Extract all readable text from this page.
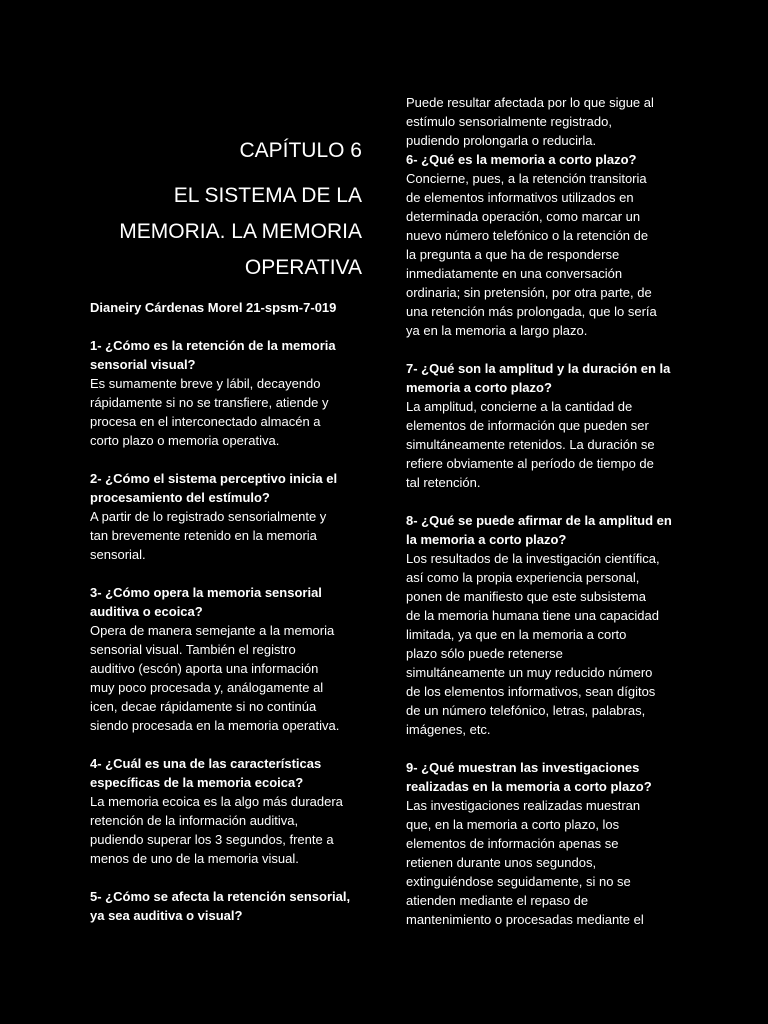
CAPÍTULO 6
EL SISTEMA DE LA
MEMORIA. LA MEMORIA
OPERATIVA
Dianeiry Cárdenas Morel 21-spsm-7-019
1- ¿Cómo es la retención de la memoria
sensorial visual?
Es sumamente breve y lábil, decayendo
rápidamente si no se transfiere, atiende y
procesa en el interconectado almacén a
corto plazo o memoria operativa.
2- ¿Cómo el sistema perceptivo inicia el
procesamiento del estímulo?
A partir de lo registrado sensorialmente y
tan brevemente retenido en la memoria
sensorial.
3- ¿Cómo opera la memoria sensorial
auditiva o ecoica?
Opera de manera semejante a la memoria
sensorial visual. También el registro
auditivo (escón) aporta una información
muy poco procesada y, análogamente al
icen, decae rápidamente si no continúa
siendo procesada en la memoria operativa.
4- ¿Cuál es una de las características
específicas de la memoria ecoica?
La memoria ecoica es la algo más duradera
retención de la información auditiva,
pudiendo superar los 3 segundos, frente a
menos de uno de la memoria visual.
5- ¿Cómo se afecta la retención sensorial,
ya sea auditiva o visual?
Puede resultar afectada por lo que sigue al
estímulo sensorialmente registrado,
pudiendo prolongarla o reducirla.
6- ¿Qué es la memoria a corto plazo?
Concierne, pues, a la retención transitoria
de elementos informativos utilizados en
determinada operación, como marcar un
nuevo número telefónico o la retención de
la pregunta a que ha de responderse
inmediatamente en una conversación
ordinaria; sin pretensión, por otra parte, de
una retención más prolongada, que lo sería
ya en la memoria a largo plazo.
7- ¿Qué son la amplitud y la duración en la
memoria a corto plazo?
La amplitud, concierne a la cantidad de
elementos de información que pueden ser
simultáneamente retenidos. La duración se
refiere obviamente al período de tiempo de
tal retención.
8- ¿Qué se puede afirmar de la amplitud en
la memoria a corto plazo?
Los resultados de la investigación científica,
así como la propia experiencia personal,
ponen de manifiesto que este subsistema
de la memoria humana tiene una capacidad
limitada, ya que en la memoria a corto
plazo sólo puede retenerse
simultáneamente un muy reducido número
de los elementos informativos, sean dígitos
de un número telefónico, letras, palabras,
imágenes, etc.
9- ¿Qué muestran las investigaciones
realizadas en la memoria a corto plazo?
Las investigaciones realizadas muestran
que, en la memoria a corto plazo, los
elementos de información apenas se
retienen durante unos segundos,
extinguiéndose seguidamente, si no se
atienden mediante el repaso de
mantenimiento o procesadas mediante el
